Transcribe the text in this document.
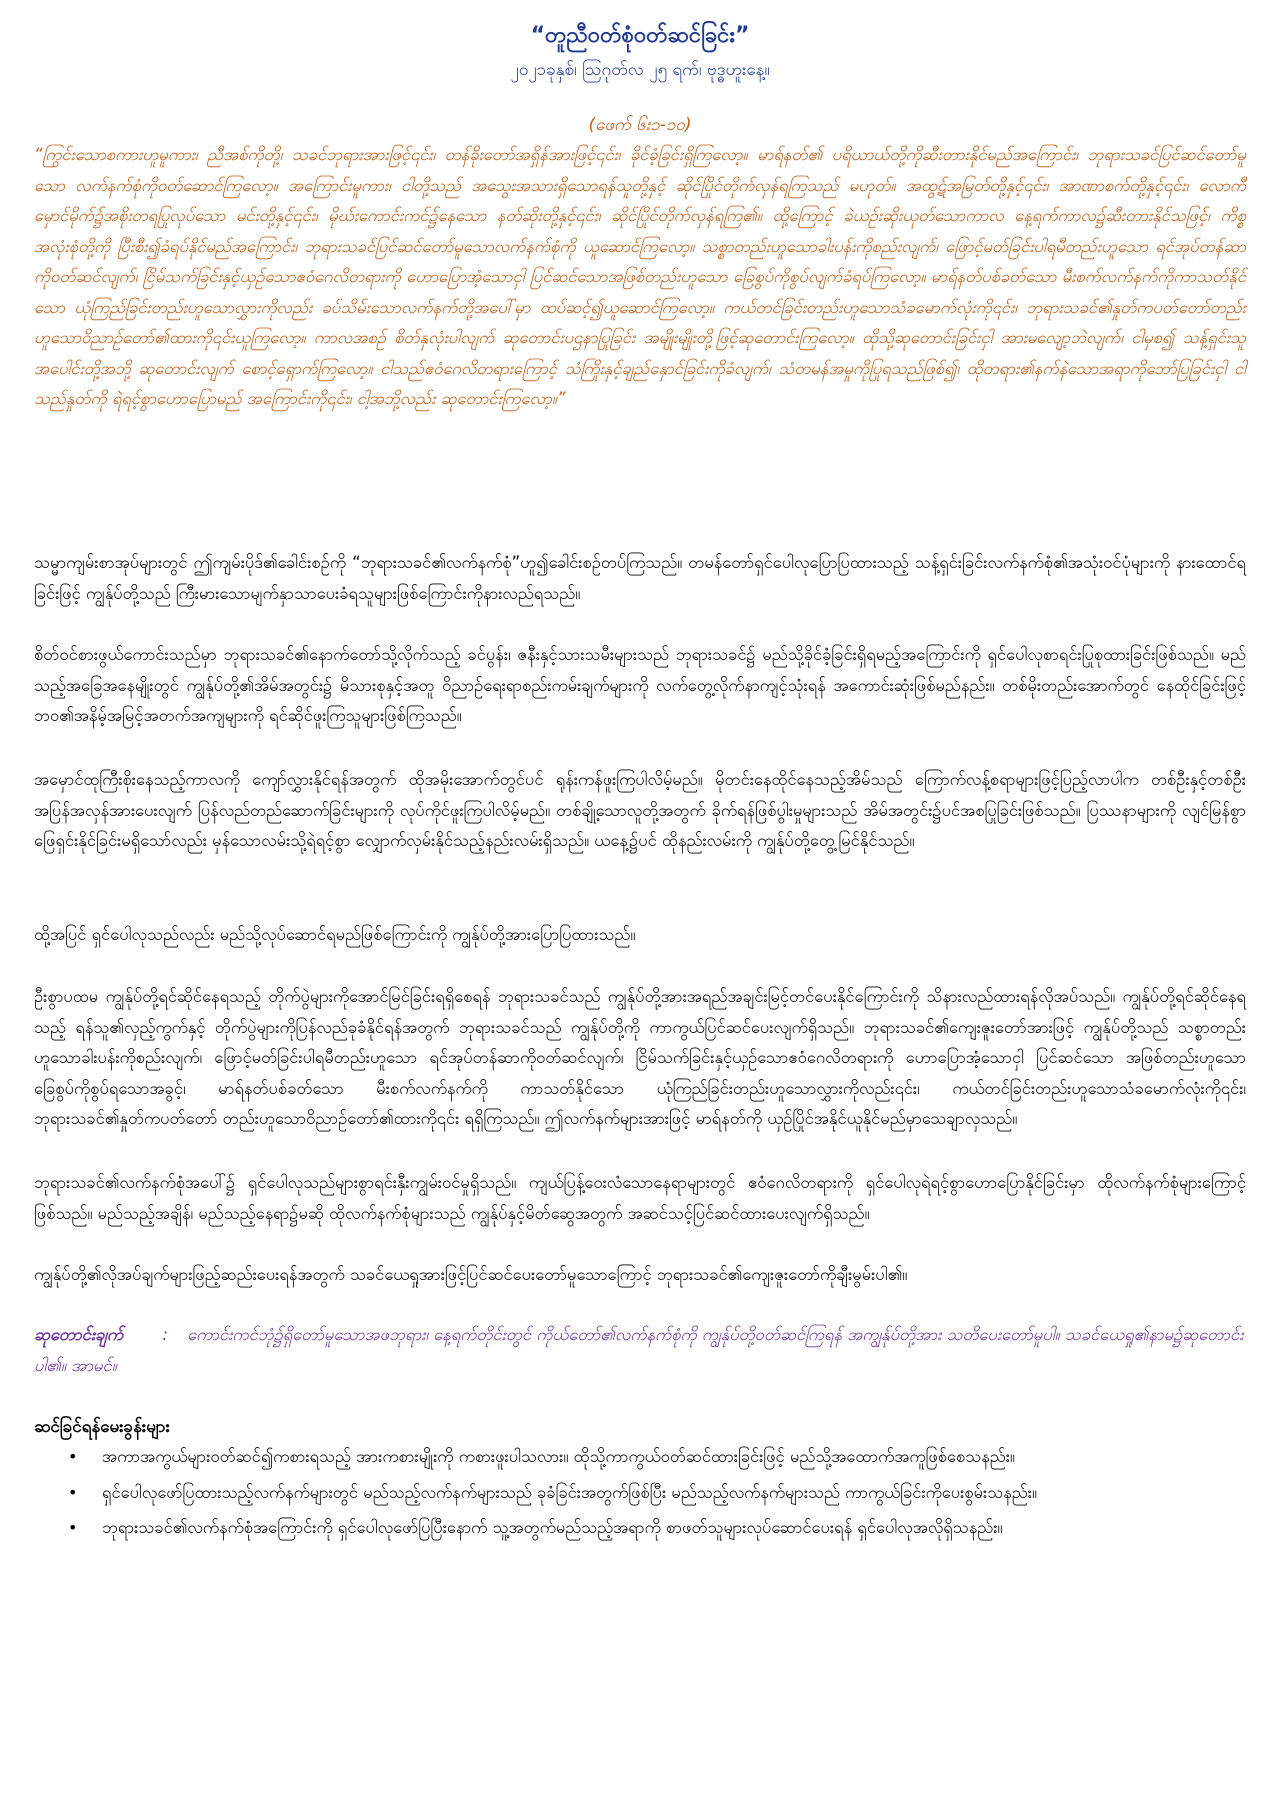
“တူညီဝတ်စုံဝတ်ဆင်ခြင်း”
၂၀၂၁ခုနှစ်၊ ဩဂုတ်လ ၂၅ ရက်၊ ဗုဒ္ဓဟူးနေ့။
(ဖေက် ၆း၁-၁၀)

“ကြွင်းသောစကားဟူမူကား၊ ညီအစ်ကိုတို့၊ သခင်ဘုရားအားဖြင့်၎င်း၊ တန်ခိုးတော်အရှိန်အားဖြင့်၎င်း၊ ခိုင်ခံ့ခြင်းရှိကြလော့။ မာရ်နတ်၏ ပရိယာယ်တို့ကိုဆီးတားနိုင်မည်အကြောင်း၊ ဘုရားသခင်ပြင်ဆင်တော်မူသော လက်နက်စုံကိုဝတ်ဆောင်ကြလော့။ အကြောင်းမူကား၊ ငါတို့သည် အသွေးအသားရှိသောရန်သူတို့နှင့် ဆိုင်ပြိုင်တိုက်လှန်ရကြသည် မဟုတ်။ အထွဋ်အမြတ်တို့နှင့်၎င်း၊ အာဏာစက်တို့နှင့်၎င်း၊ လောကီမှောင်မိုက်၌အစိုးတရပြုလုပ်သော မင်းတို့နှင့်၎င်း၊ မိုဃ်းကောင်းကင်၌နေသော နတ်ဆိုးတို့နှင့်၎င်း၊ ဆိုင်ပြိုင်တိုက်လှန်ရကြ၏။ ထို့ကြောင့် ခဲယဉ်းဆိုးယုတ်သောကာလ နေ့ရက်ကာလ၌ဆီးတားနိုင်သဖြင့်၊ ကိစ္စအလုံးစုံတို့ကို ပြီးစီး၍ခံရပ်နိုင်မည်အကြောင်း၊ ဘုရားသခင်ပြင်ဆင်တော်မူသောလက်နက်စုံကို ယူဆောင်ကြလော့။ သစ္စာတည်းဟူသောခါးပန်းကိုစည်းလျက်၊ ဖြောင့်မတ်ခြင်းပါရမီတည်းဟူသော ရင်အုပ်တန်ဆာကိုဝတ်ဆင်လျက်၊ ငြိမ်သက်ခြင်းနှင့်ယှဉ်သောဧဝံဂေလိတရားကို ဟောပြောအံ့သောငှါ ပြင်ဆင်သောအဖြစ်တည်းဟူသော ခြေစွပ်ကိုစွပ်လျက်ခံရပ်ကြလော့။ မာရ်နတ်ပစ်ခတ်သော မီးစက်လက်နက်ကိုကာသတ်နိုင်သော ယုံကြည်ခြင်းတည်းဟူသောလွှားကိုလည်း ခပ်သိမ်းသောလက်နက်တို့အပေါ်မှာ ထပ်ဆင့်၍ယူဆောင်ကြလော့။ ကယ်တင်ခြင်းတည်းဟူသောသံခမောက်လုံးကို၎င်း၊ ဘုရားသခင်၏နှုတ်ကပတ်တော်တည်းဟူသောဝိညာဉ်တော်၏ထားကို၎င်းယူကြလော့။ ကာလအစဉ် စိတ်နှလုံးပါလျက် ဆုတောင်းပဌနာပြုခြင်း အမျိုးမျိုးတို့ဖြင့်ဆုတောင်းကြလော့။ ထိုသို့ဆုတောင်းခြင်းငှါ အားမလျော့ဘဲလျက်၊ ငါမှစ၍ သန့်ရှင်းသူအပေါင်းတို့အဘို့ ဆုတောင်းလျက် စောင့်ရှောက်ကြလော့။ ငါသည်ဧဝံဂေလိတရားကြောင့် သံကြိုးနှင့်ချည်နှောင်ခြင်းကိုခံလျက်၊ သံတမန်အမှုကိုပြုရသည်ဖြစ်၍၊ ထိုတရား၏နက်နဲသောအရာကိုဘော်ပြခြင်းငှါ ငါသည်နှုတ်ကို ရဲရင့်စွာဟောပြောမည် အကြောင်းကို၎င်း၊ ငါ့အဘို့လည်း ဆုတောင်းကြလော့။”

သမ္မာကျမ်းစာအုပ်များတွင် ဤကျမ်းပိုဒ်၏ခေါင်းစဉ်ကို “ဘုရားသခင်၏လက်နက်စုံ”ဟူ၍ခေါင်းစဉ်တပ်ကြသည်။ တမန်တော်ရှင်ပေါလုပြောပြထားသည့် သန့်ရှင်းခြင်းလက်နက်စုံ၏အသုံးဝင်ပုံများကို နားထောင်ရခြင်းဖြင့် ကျွန်ုပ်တို့သည် ကြီးမားသောမျက်နှာသာပေးခံရသူများဖြစ်ကြောင်းကိုနားလည်ရသည်။

စိတ်ဝင်စားဖွယ်ကောင်းသည်မှာ ဘုရားသခင်၏နောက်တော်သို့လိုက်သည့် ခင်ပွန်း၊ ဇနီးနှင့်သားသမီးများသည် ဘုရားသခင်၌ မည်သို့ခိုင်ခံ့ခြင်းရှိရမည့်အကြောင်းကို ရှင်ပေါလုစာရင်းပြုစုထားခြင်းဖြစ်သည်။ မည်သည့်အခြေအနေမျိုးတွင် ကျွန်ုပ်တို့၏အိမ်အတွင်း၌ မိသားစုနှင့်အတူ ဝိညာဉ်ရေးရာစည်းကမ်းချက်များကို လက်တွေ့လိုက်နာကျင့်သုံးရန် အကောင်းဆုံးဖြစ်မည်နည်း။ တစ်မိုးတည်းအောက်တွင် နေထိုင်ခြင်းဖြင့် ဘဝ၏အနိမ့်အမြင့်အတက်အကျများကို ရင်ဆိုင်ဖူးကြသူများဖြစ်ကြသည်။

အမှောင်ထုကြီးစိုးနေသည့်ကာလကို ကျော်လွှားနိုင်ရန်အတွက် ထိုအမိုးအောက်တွင်ပင် ရုန်းကန်ဖူးကြပါလိမ့်မည်။ မိုတင်းနေထိုင်နေသည့်အိမ်သည် ကြောက်လန့်စရာများဖြင့်ပြည့်လာပါက တစ်ဦးနှင့်တစ်ဦးအပြန်အလှန်အားပေးလျက် ပြန်လည်တည်ဆောက်ခြင်းများကို လုပ်ကိုင်ဖူးကြပါလိမ့်မည်။ တစ်ချို့သောလူတို့အတွက် ခိုက်ရန်ဖြစ်ပွါးမှုများသည် အိမ်အတွင်း၌ပင်အစပြုခြင်းဖြစ်သည်။ ပြဿနာများကို လျင်မြန်စွာဖြေရှင်းနိုင်ခြင်းမရှိသော်လည်း မှန်သောလမ်းသို့ရဲရင့်စွာ လျှောက်လှမ်းနိုင်သည့်နည်းလမ်းရှိသည်။ ယနေ့၌ပင် ထိုနည်းလမ်းကို ကျွန်ုပ်တို့တွေ့မြင်နိုင်သည်။

ထို့အပြင် ရှင်ပေါလုသည်လည်း မည်သို့လုပ်ဆောင်ရမည်ဖြစ်ကြောင်းကို ကျွန်ုပ်တို့အားပြောပြထားသည်။

ဦးစွာပထမ ကျွန်ုပ်တို့ရင်ဆိုင်နေရသည့် တိုက်ပွဲများကိုအောင်မြင်ခြင်းရရှိစေရန် ဘုရားသခင်သည် ကျွန်ုပ်တို့အားအရည်အချင်းမြင့်တင်ပေးနိုင်ကြောင်းကို သိနားလည်ထားရန်လိုအပ်သည်။ ကျွန်ုပ်တို့ရင်ဆိုင်နေရသည့် ရန်သူ၏လှည့်ကွက်နှင့် တိုက်ပွဲများကိုပြန်လည်ခုခံနိုင်ရန်အတွက် ဘုရားသခင်သည် ကျွန်ုပ်တို့ကို ကာကွယ်ပြင်ဆင်ပေးလျက်ရှိသည်။ ဘုရားသခင်၏ကျေးဇူးတော်အားဖြင့် ကျွန်ုပ်တို့သည် သစ္စာတည်းဟူသောခါးပန်းကိုစည်းလျက်၊ ဖြောင့်မတ်ခြင်းပါရမီတည်းဟူသော ရင်အုပ်တန်ဆာကိုဝတ်ဆင်လျက်၊ ငြိမ်သက်ခြင်းနှင့်ယှဉ်သောဧဝံဂေလိတရားကို ဟောပြောအံ့သောငှါ ပြင်ဆင်သော အဖြစ်တည်းဟူသော ခြေစွပ်ကိုစွပ်ရသောအခွင့်၊ မာရ်နတ်ပစ်ခတ်သော မီးစက်လက်နက်ကို ကာသတ်နိုင်သော ယုံကြည်ခြင်းတည်းဟူသောလွှားကိုလည်း၎င်း၊ ကယ်တင်ခြင်းတည်းဟူသောသံခမောက်လုံးကို၎င်း၊ ဘုရားသခင်၏နှုတ်ကပတ်တော် တည်းဟူသောဝိညာဉ်တော်၏ထားကို၎င်း ရရှိကြသည်။ ဤလက်နက်များအားဖြင့် မာရ်နတ်ကို ယှဉ်ပြိုင်အနိုင်ယူနိုင်မည်မှာသေချာလှသည်။

ဘုရားသခင်၏လက်နက်စုံအပေါ်၌ ရှင်ပေါလုသည်များစွာရင်းနှီးကျွမ်းဝင်မှုရှိသည်။ ကျယ်ပြန့်ဝေးလံသောနေရာများတွင် ဧဝံဂေလိတရားကို ရှင်ပေါလုရဲရင့်စွာဟောပြောနိုင်ခြင်းမှာ ထိုလက်နက်စုံများကြောင့်ဖြစ်သည်။ မည်သည့်အချိန်၊ မည်သည့်နေရာ၌မဆို ထိုလက်နက်စုံများသည် ကျွန်ုပ်နှင့်မိတ်ဆွေအတွက် အဆင်သင့်ပြင်ဆင်ထားပေးလျက်ရှိသည်။

ကျွန်ုပ်တို့၏လိုအပ်ချက်များဖြည့်ဆည်းပေးရန်အတွက် သခင်ယေရှုအားဖြင့်ပြင်ဆင်ပေးတော်မူသောကြောင့် ဘုရားသခင်၏ကျေးဇူးတော်ကိုချီးမွမ်းပါ၏။

ဆုတောင်းချက် : ကောင်းကင်ဘုံ၌ရှိတော်မူသောအဖဘုရား၊ နေ့ရက်တိုင်းတွင် ကိုယ်တော်၏လက်နက်စုံကို ကျွန်ုပ်တို့ဝတ်ဆင်ကြရန် အကျွန်ုပ်တို့အား သတိပေးတော်မူပါ။ သခင်ယေရှု၏နာမ၌ဆုတောင်းပါ၏။ အာမင်။

ဆင်ခြင်ရန်မေးခွန်းများ

•	အကာအကွယ်များဝတ်ဆင်၍ကစားရသည့် အားကစားမျိုးကို ကစားဖူးပါသလား။ ထိုသို့ကာကွယ်ဝတ်ဆင်ထားခြင်းဖြင့် မည်သို့အထောက်အကူဖြစ်စေသနည်း။
•	ရှင်ပေါလုဖော်ပြထားသည့်လက်နက်များတွင် မည်သည့်လက်နက်များသည် ခုခံခြင်းအတွက်ဖြစ်ပြီး မည်သည့်လက်နက်များသည် ကာကွယ်ခြင်းကိုပေးစွမ်းသနည်း။
•	ဘုရားသခင်၏လက်နက်စုံအကြောင်းကို ရှင်ပေါလုဖော်ပြပြီးနောက် သူ့အတွက်မည်သည့်အရာကို စာဖတ်သူများလုပ်ဆောင်ပေးရန် ရှင်ပေါလုအလိုရှိသနည်း။
